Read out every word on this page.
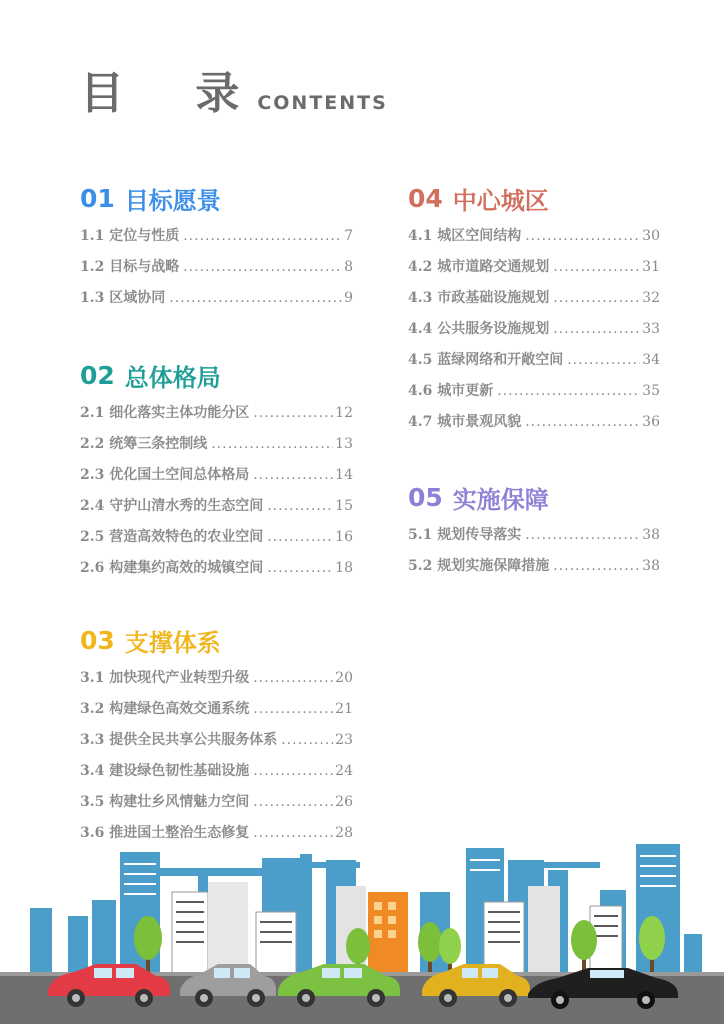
目 录
CONTENTS
01 目标愿景
1.1 定位与性质 .....	7
1.2 目标与战略 .....	8
1.3 区域协同 .....	9
02 总体格局
2.1 细化落实主体功能分区 .....	12
2.2 统筹三条控制线 .....	13
2.3 优化国土空间总体格局 .....	14
2.4 守护山清水秀的生态空间 .....	15
2.5 营造高效特色的农业空间 .....	16
2.6 构建集约高效的城镇空间 .....	18
03 支撑体系
3.1 加快现代产业转型升级 .....	20
3.2 构建绿色高效交通系统 .....	21
3.3 提供全民共享公共服务体系 .....	23
3.4 建设绿色韧性基础设施 .....	24
3.5 构建壮乡风情魅力空间 .....	26
3.6 推进国土整治生态修复 .....	28
04 中心城区
4.1 城区空间结构 .....	30
4.2 城市道路交通规划 .....	31
4.3 市政基础设施规划 .....	32
4.4 公共服务设施规划 .....	33
4.5 蓝绿网络和开敞空间 .....	34
4.6 城市更新 .....	35
4.7 城市景观风貌 .....	36
05 实施保障
5.1 规划传导落实 .....	38
5.2 规划实施保障措施 .....	38
